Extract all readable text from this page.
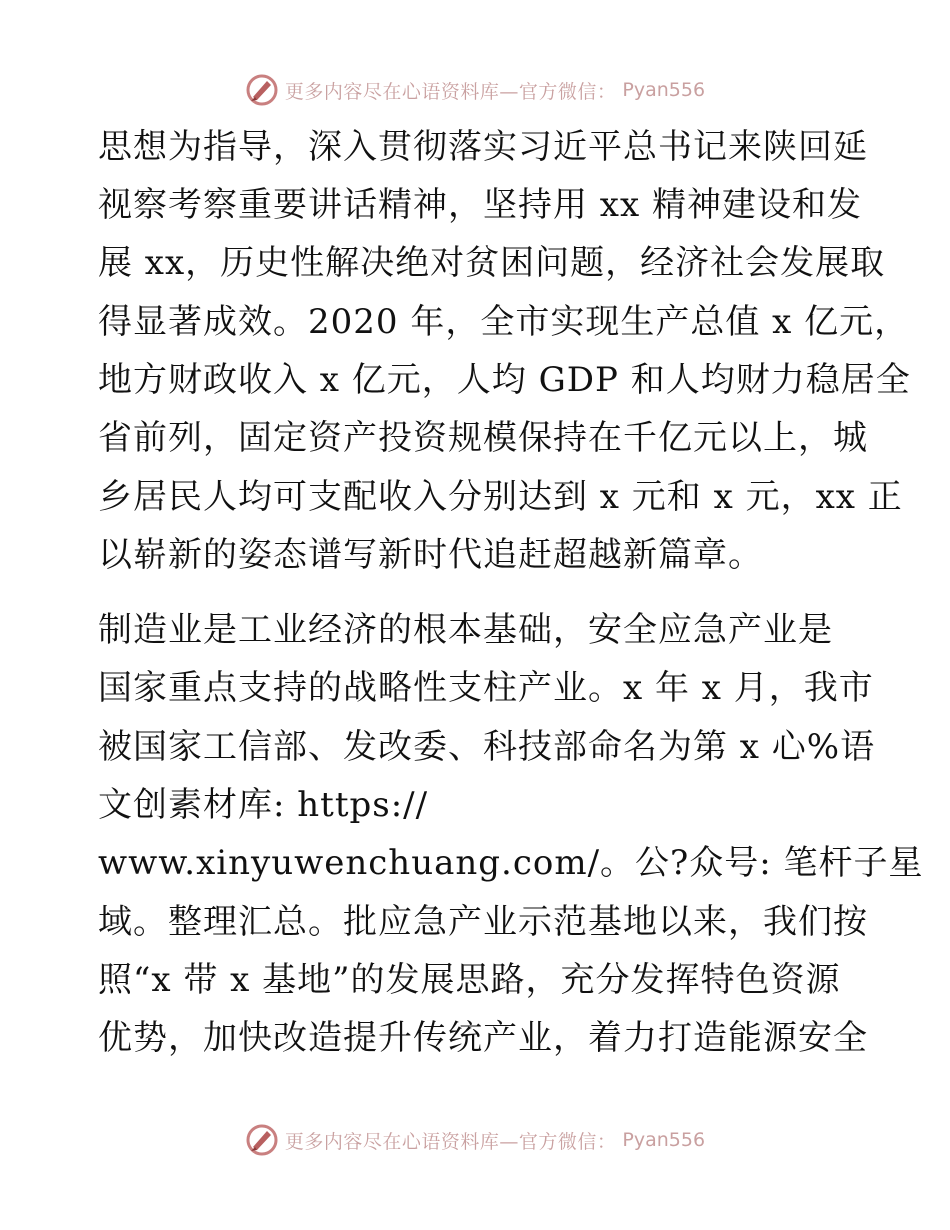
更多内容尽在心语资料库—官方微信： Pyan556
思想为指导，深入贯彻落实习近平总书记来陕回延
视察考察重要讲话精神，坚持用 xx 精神建设和发
展 xx，历史性解决绝对贫困问题，经济社会发展取
得显著成效。2020 年，全市实现生产总值 x 亿元，
地方财政收入 x 亿元，人均 GDP 和人均财力稳居全
省前列，固定资产投资规模保持在千亿元以上，城
乡居民人均可支配收入分别达到 x 元和 x 元，xx 正
以崭新的姿态谱写新时代追赶超越新篇章。
制造业是工业经济的根本基础，安全应急产业是
国家重点支持的战略性支柱产业。x 年 x 月，我市
被国家工信部、发改委、科技部命名为第 x 心%语
文创素材库: https://
www.xinyuwenchuang.com/。公?众号: 笔杆子星
域。整理汇总。批应急产业示范基地以来，我们按
照“x 带 x 基地”的发展思路，充分发挥特色资源
优势，加快改造提升传统产业，着力打造能源安全
更多内容尽在心语资料库—官方微信： Pyan556
